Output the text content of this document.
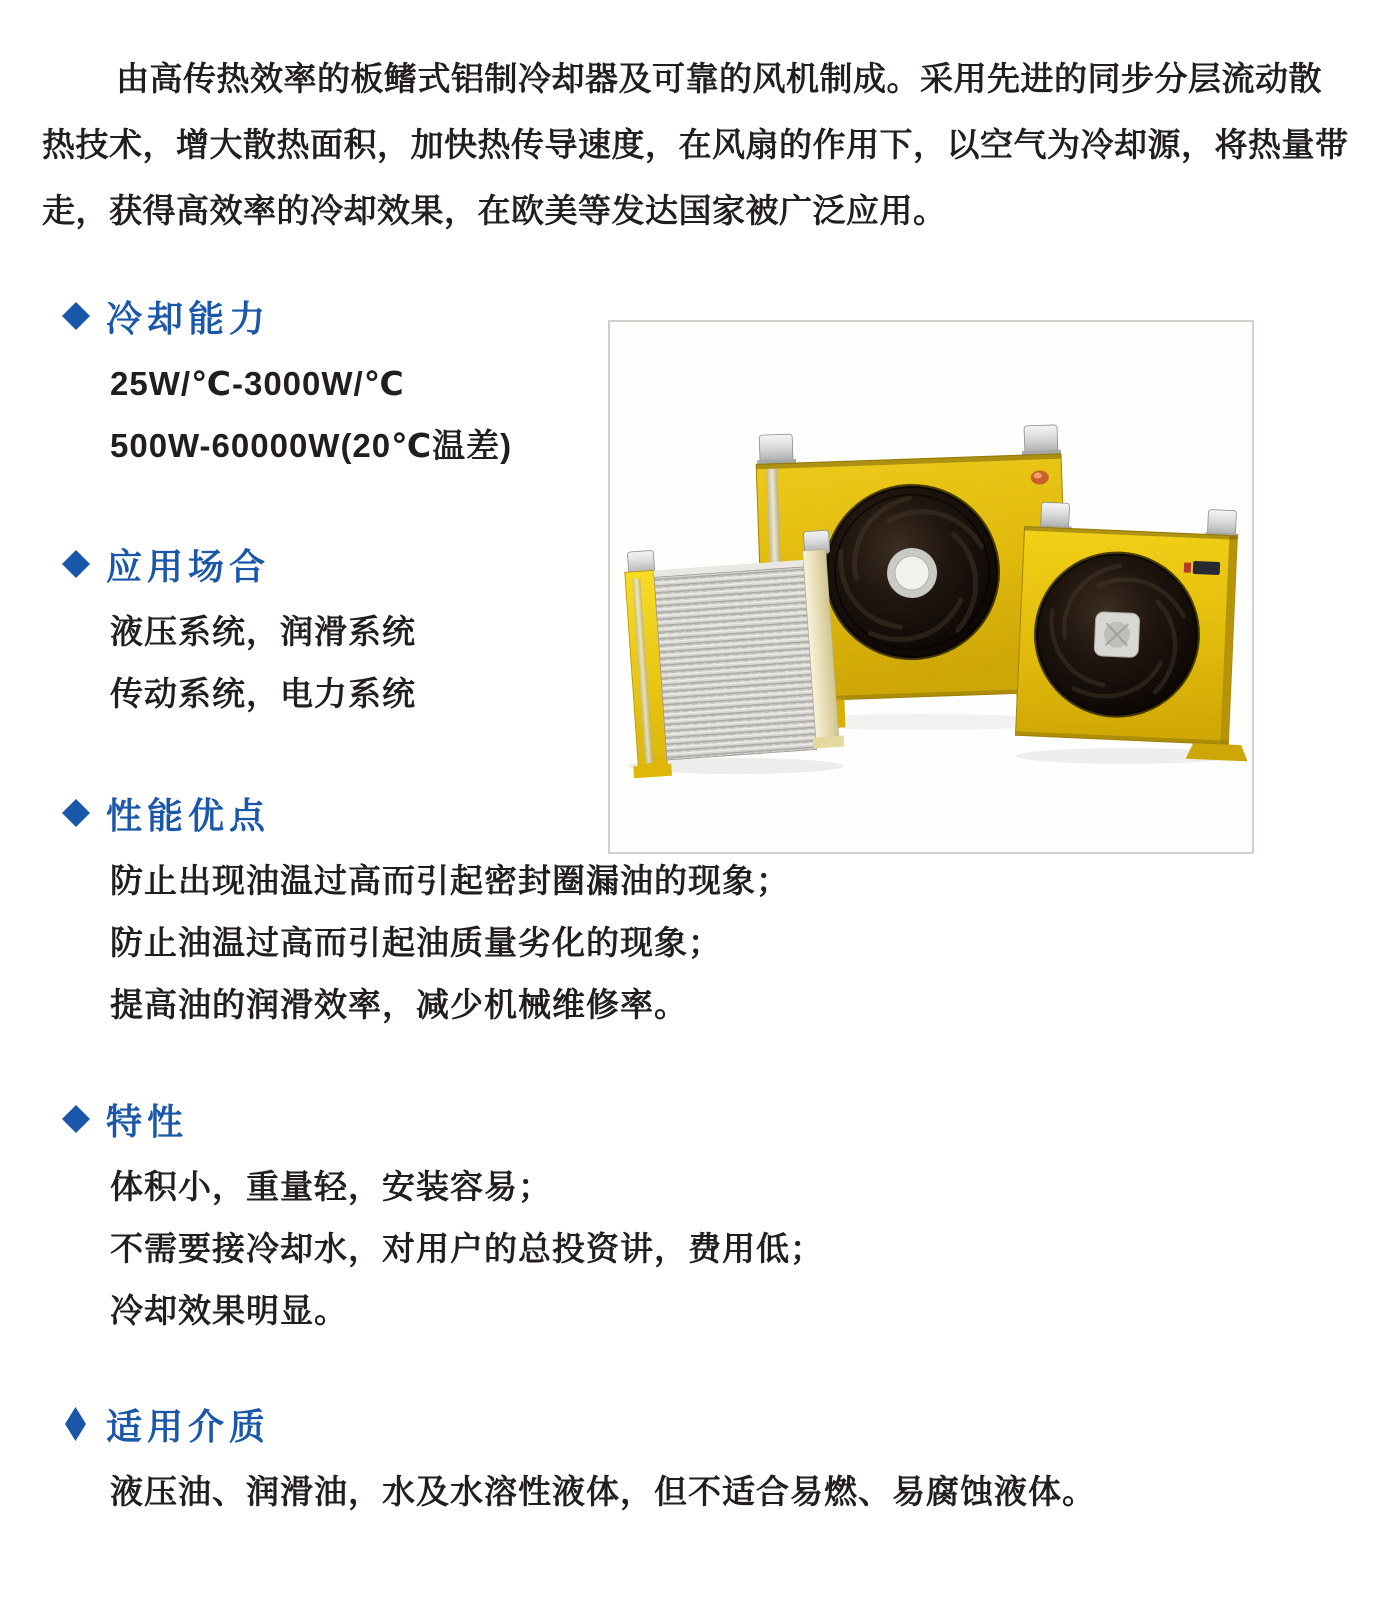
由高传热效率的板鳍式铝制冷却器及可靠的风机制成。采用先进的同步分层流动散
热技术，增大散热面积，加快热传导速度，在风扇的作用下，以空气为冷却源，将热量带
走，获得高效率的冷却效果，在欧美等发达国家被广泛应用。
冷却能力
25W/℃-3000W/℃
500W-60000W(20℃温差)
应用场合
液压系统，润滑系统
传动系统，电力系统
性能优点
防止出现油温过高而引起密封圈漏油的现象；
防止油温过高而引起油质量劣化的现象；
提高油的润滑效率，减少机械维修率。
特性
体积小，重量轻，安装容易；
不需要接冷却水，对用户的总投资讲，费用低；
冷却效果明显。
适用介质
液压油、润滑油，水及水溶性液体，但不适合易燃、易腐蚀液体。
